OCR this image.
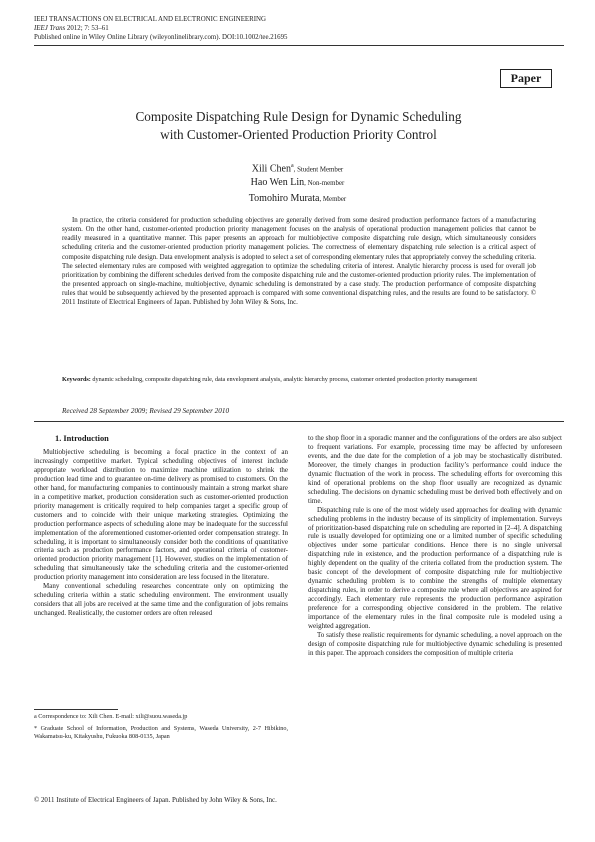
IEEJ TRANSACTIONS ON ELECTRICAL AND ELECTRONIC ENGINEERING
IEEJ Trans 2012; 7: 53–61
Published online in Wiley Online Library (wileyonlinelibrary.com). DOI:10.1002/tee.21695
Paper
Composite Dispatching Rule Design for Dynamic Scheduling
with Customer-Oriented Production Priority Control
Xili Chen$^a$, Student Member
Hao Wen Lin, Non-member
Tomohiro Murata, Member

In practice, the criteria considered for production scheduling objectives are generally derived from some desired production performance factors of a manufacturing system. On the other hand, customer-oriented production priority management focuses on the analysis of operational production management policies that cannot be readily measured in a quantitative manner. This paper presents an approach for multiobjective composite dispatching rule design, which simultaneously considers scheduling criteria and the customer-oriented production priority management policies. The correctness of elementary dispatching rule selection is a critical aspect of composite dispatching rule design. Data envelopment analysis is adopted to select a set of corresponding elementary rules that appropriately convey the scheduling criteria. The selected elementary rules are composed with weighted aggregation to optimize the scheduling criteria of interest. Analytic hierarchy process is used for overall job prioritization by combining the different schedules derived from the composite dispatching rule and the customer-oriented production priority rules. The implementation of the presented approach on single-machine, multiobjective, dynamic scheduling is demonstrated by a case study. The production performance of composite dispatching rules that would be subsequently achieved by the presented approach is compared with some conventional dispatching rules, and the results are found to be satisfactory. © 2011 Institute of Electrical Engineers of Japan. Published by John Wiley & Sons, Inc.

Keywords: dynamic scheduling, composite dispatching rule, data envelopment analysis, analytic hierarchy process, customer oriented production priority management

Received 28 September 2009; Revised 29 September 2010
1. Introduction

Multiobjective scheduling is becoming a focal practice in the context of an increasingly competitive market. Typical scheduling objectives of interest include appropriate workload distribution to maximize machine utilization to shrink the production lead time and to guarantee on-time delivery as promised to customers. On the other hand, for manufacturing companies to continuously maintain a strong market share in a competitive market, production consideration such as customer-oriented production priority management is critically required to help companies target a specific group of customers and to coincide with their unique marketing strategies. Optimizing the production performance aspects of scheduling alone may be inadequate for the successful implementation of the aforementioned customer-oriented order compensation strategy. In scheduling, it is important to simultaneously consider both the conditions of quantitative criteria such as production performance factors, and operational criteria of customer-oriented production priority management [1]. However, studies on the implementation of scheduling that simultaneously take the scheduling criteria and the customer-oriented production priority management into consideration are less focused in the literature.

Many conventional scheduling researches concentrate only on optimizing the scheduling criteria within a static scheduling environment. The environment usually considers that all jobs are received at the same time and the configuration of jobs remains unchanged. Realistically, the customer orders are often released

a Correspondence to: Xili Chen. E-mail: xili@suou.waseda.jp
* Graduate School of Information, Production and Systems, Waseda University, 2-7 Hibikino, Wakamatsu-ku, Kitakyushu, Fukuoka 808-0135, Japan

to the shop floor in a sporadic manner and the configurations of the orders are also subject to frequent variations. For example, processing time may be affected by unforeseen events, and the due date for the completion of a job may be stochastically distributed. Moreover, the timely changes in production facility’s performance could induce the dynamic fluctuation of the work in process. The scheduling efforts for overcoming this kind of operational problems on the shop floor usually are recognized as dynamic scheduling. The decisions on dynamic scheduling must be derived both effectively and on time.

Dispatching rule is one of the most widely used approaches for dealing with dynamic scheduling problems in the industry because of its simplicity of implementation. Surveys of prioritization-based dispatching rule on scheduling are reported in [2–4]. A dispatching rule is usually developed for optimizing one or a limited number of specific scheduling objectives under some particular conditions. Hence there is no single universal dispatching rule in existence, and the production performance of a dispatching rule is highly dependent on the quality of the criteria collated from the production system. The basic concept of the development of composite dispatching rule for multiobjective dynamic scheduling problem is to combine the strengths of multiple elementary dispatching rules, in order to derive a composite rule where all objectives are aspired for accordingly. Each elementary rule represents the production performance aspiration preference for a corresponding objective considered in the problem. The relative importance of the elementary rules in the final composite rule is modeled using a weighted aggregation.

To satisfy these realistic requirements for dynamic scheduling, a novel approach on the design of composite dispatching rule for multiobjective dynamic scheduling is presented in this paper. The approach considers the composition of multiple criteria

© 2011 Institute of Electrical Engineers of Japan. Published by John Wiley & Sons, Inc.
